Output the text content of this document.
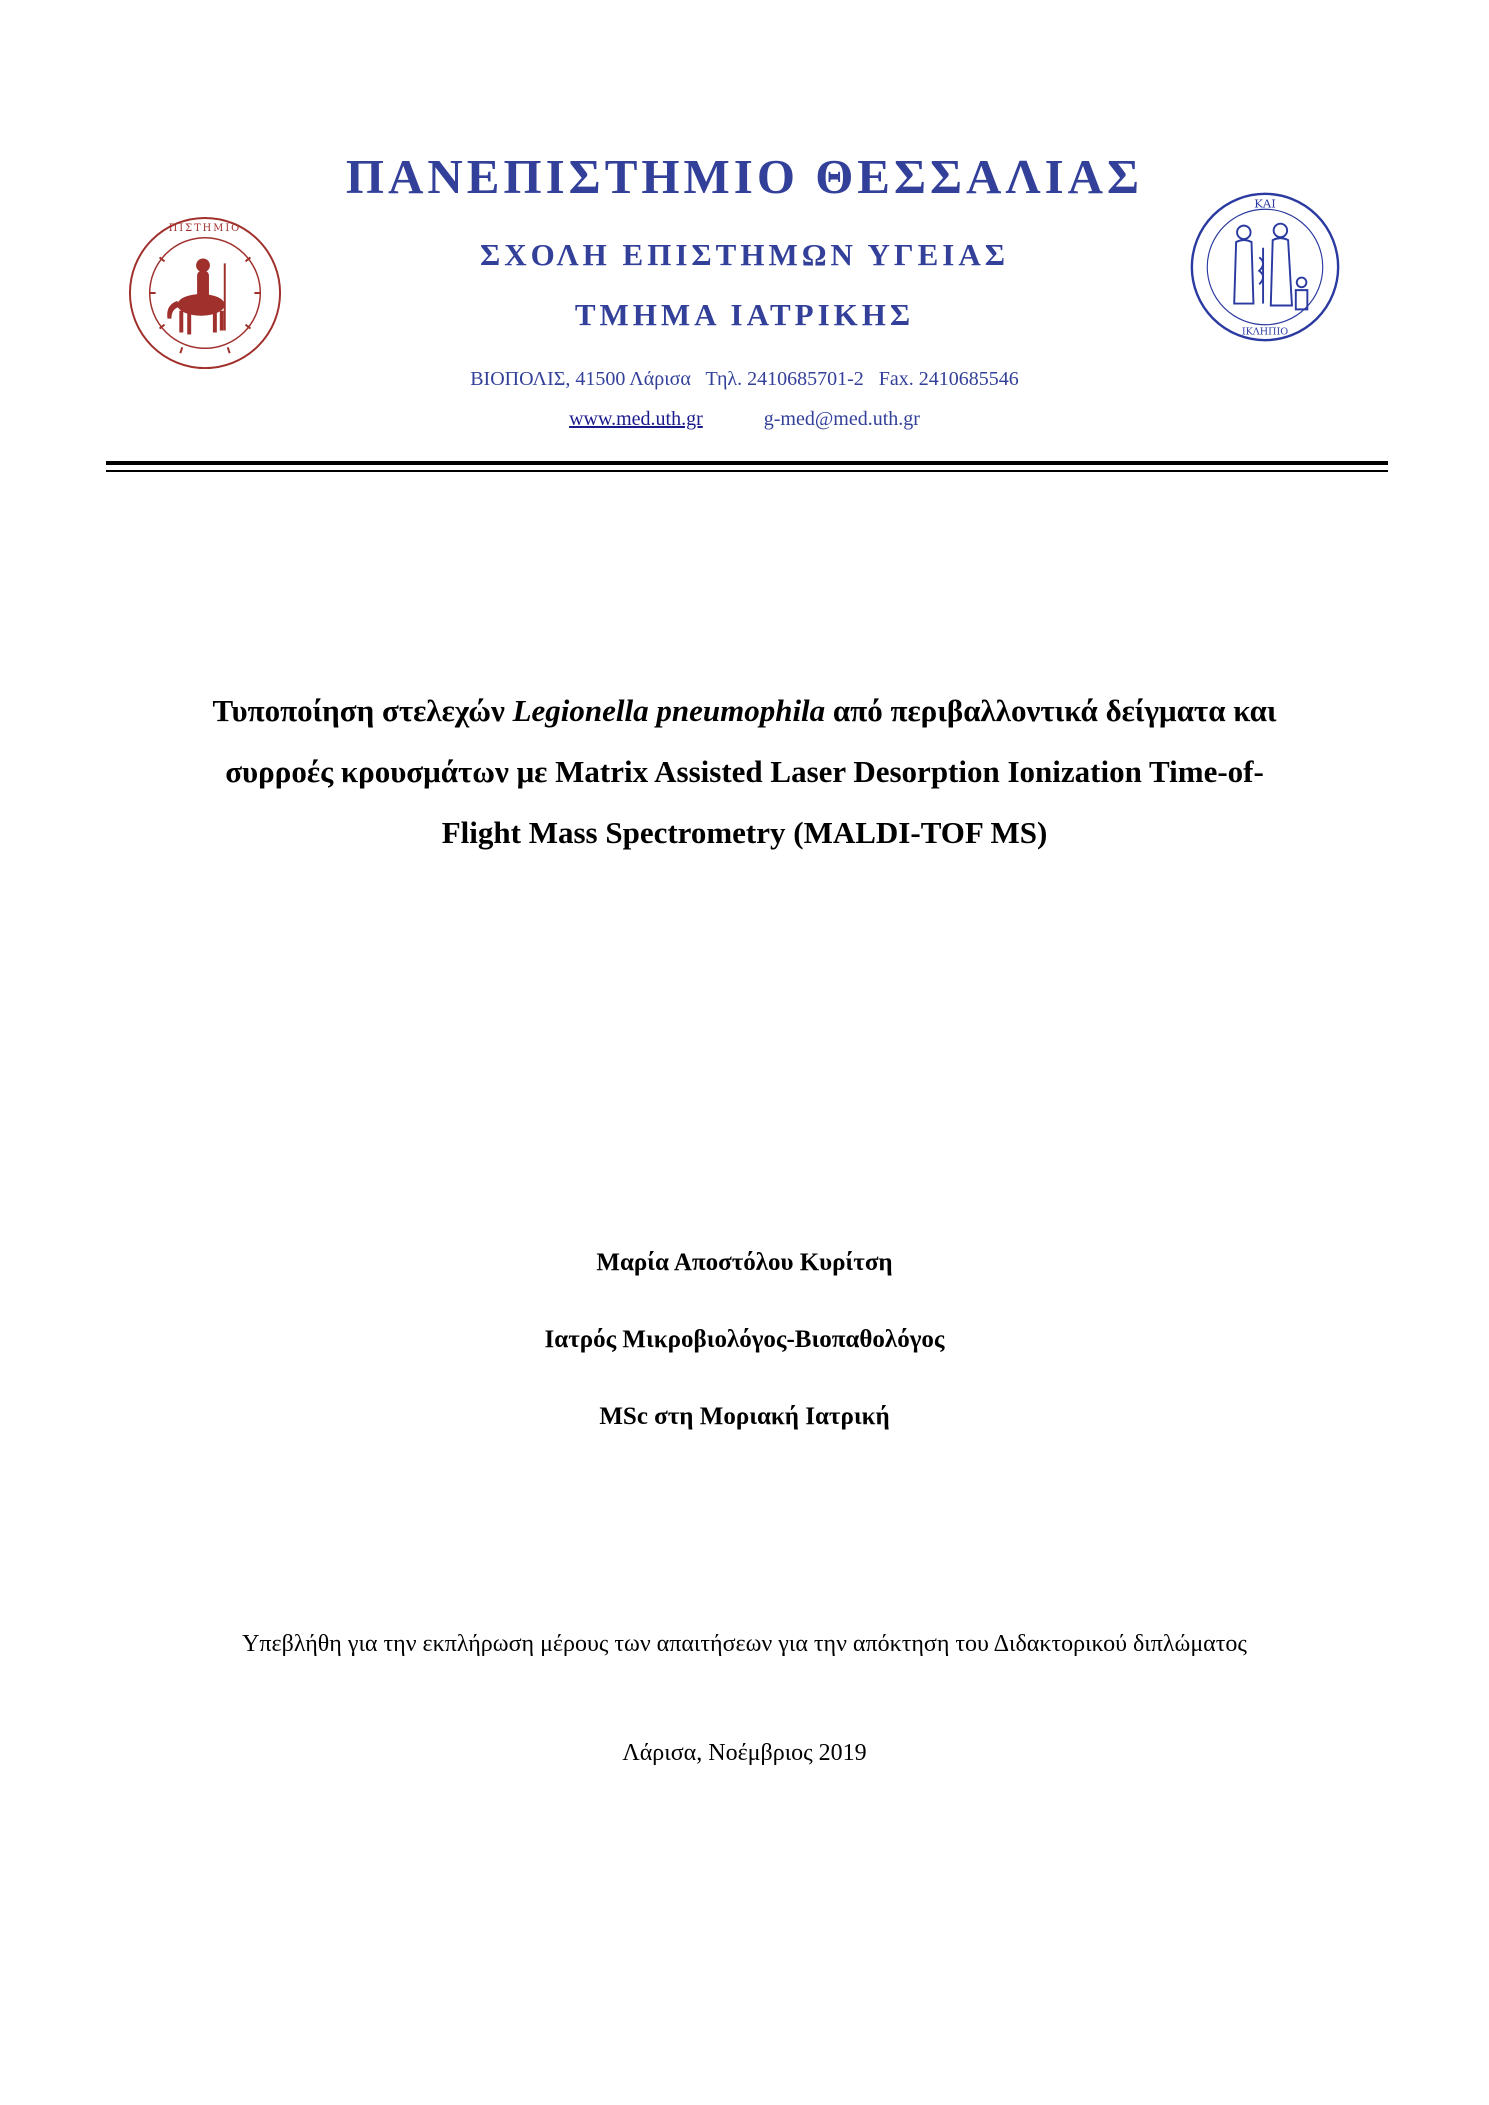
ΠΙΣΤΗΜΙΟ
ΚΑΙ
ΙΚΛΗΠΙΟ
ΠΑΝΕΠΙΣΤΗΜΙΟ ΘΕΣΣΑΛΙΑΣ
ΣΧΟΛΗ ΕΠΙΣΤΗΜΩΝ ΥΓΕΙΑΣ
ΤΜΗΜΑ ΙΑΤΡΙΚΗΣ
ΒΙΟΠΟΛΙΣ, 41500 Λάρισα   Τηλ. 2410685701-2   Fax. 2410685546
www.med.uth.gr	g-med@med.uth.gr
Τυποποίηση στελεχών Legionella pneumophila από περιβαλλοντικά δείγματα και συρροές κρουσμάτων με Matrix Assisted Laser Desorption Ionization Time-of-Flight Mass Spectrometry (MALDI-TOF MS)
Μαρία Αποστόλου Κυρίτση
Ιατρός Μικροβιολόγος-Βιοπαθολόγος
MSc στη Μοριακή Ιατρική
Υπεβλήθη για την εκπλήρωση μέρους των απαιτήσεων για την απόκτηση του Διδακτορικού διπλώματος
Λάρισα, Νοέμβριος 2019
